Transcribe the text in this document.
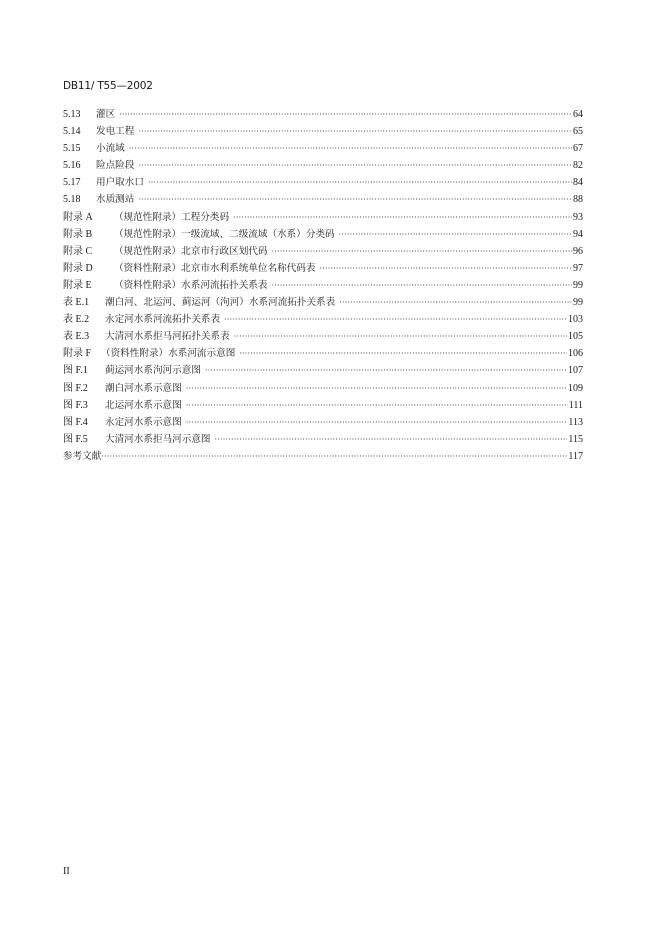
DB11/ T55—2002
5.13	灌区 ·····	64
5.14	发电工程 ·····	65
5.15	小流域 ·····	67
5.16	险点险段 ·····	82
5.17	用户取水口 ·····	84
5.18	水质测站 ·····	88
附录 A	（规范性附录）工程分类码 ·····	93
附录 B	（规范性附录）一级流域、二级流域（水系）分类码 ·····	94
附录 C	（规范性附录）北京市行政区划代码 ·····	96
附录 D	（资料性附录）北京市水利系统单位名称代码表 ·····	97
附录 E	（资料性附录）水系河流拓扑关系表 ·····	99
表 E.1	潮白河、北运河、蓟运河（泃河）水系河流拓扑关系表 ·····	99
表 E.2	永定河水系河流拓扑关系表 ·····	103
表 E.3	大清河水系拒马河拓扑关系表 ·····	105
附录 F	（资料性附录）水系河流示意图 ·····	106
图 F.1	蓟运河水系泃河示意图 ·····	107
图 F.2	潮白河水系示意图 ·····	109
图 F.3	北运河水系示意图 ·····	111
图 F.4	永定河水系示意图 ·····	113
图 F.5	大清河水系拒马河示意图 ·····	115
参考文献 ·····	117
II
